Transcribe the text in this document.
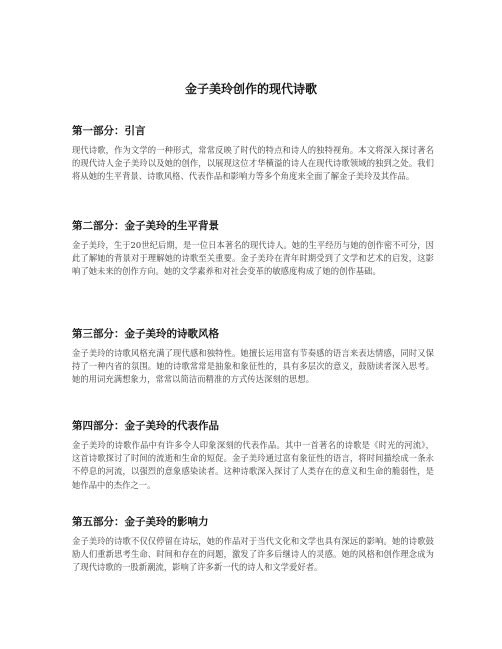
金子美玲创作的现代诗歌
第一部分：引言

现代诗歌，作为文学的一种形式，常常反映了时代的特点和诗人的独特视角。本文将深入探讨著名的现代诗人金子美玲以及她的创作，以展现这位才华横溢的诗人在现代诗歌领域的独到之处。我们将从她的生平背景、诗歌风格、代表作品和影响力等多个角度来全面了解金子美玲及其作品。

第二部分：金子美玲的生平背景

金子美玲，生于20世纪后期，是一位日本著名的现代诗人。她的生平经历与她的创作密不可分，因此了解她的背景对于理解她的诗歌至关重要。金子美玲在青年时期受到了文学和艺术的启发，这影响了她未来的创作方向。她的文学素养和对社会变革的敏感度构成了她的创作基础。

第三部分：金子美玲的诗歌风格

金子美玲的诗歌风格充满了现代感和独特性。她擅长运用富有节奏感的语言来表达情感，同时又保持了一种内省的氛围。她的诗歌常常是抽象和象征性的，具有多层次的意义，鼓励读者深入思考。她的用词充满想象力，常常以简洁而精准的方式传达深刻的思想。

第四部分：金子美玲的代表作品

金子美玲的诗歌作品中有许多令人印象深刻的代表作品。其中一首著名的诗歌是《时光的河流》，这首诗歌探讨了时间的流逝和生命的短促。金子美玲通过富有象征性的语言，将时间描绘成一条永不停息的河流，以强烈的意象感染读者。这种诗歌深入探讨了人类存在的意义和生命的脆弱性，是她作品中的杰作之一。

第五部分：金子美玲的影响力

金子美玲的诗歌不仅仅停留在诗坛，她的作品对于当代文化和文学也具有深远的影响。她的诗歌鼓励人们重新思考生命、时间和存在的问题，激发了许多后继诗人的灵感。她的风格和创作理念成为了现代诗歌的一股新潮流，影响了许多新一代的诗人和文学爱好者。
